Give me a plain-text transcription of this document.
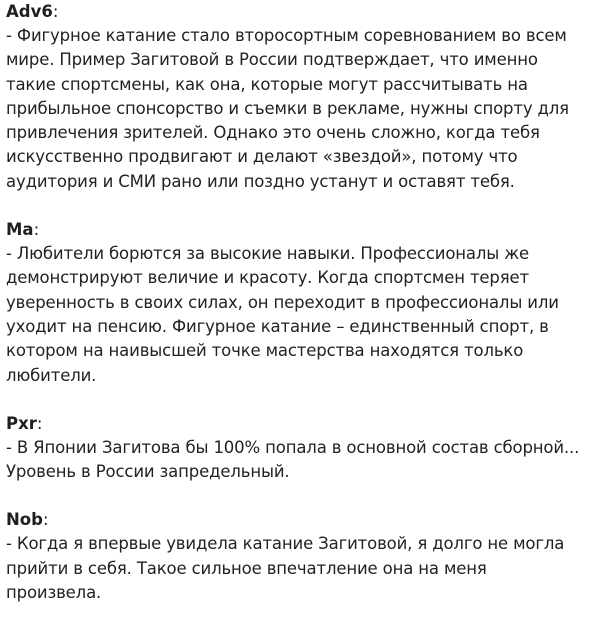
Adv6:
- Фигурное катание стало второсортным соревнованием во всем
мире. Пример Загитовой в России подтверждает, что именно
такие спортсмены, как она, которые могут рассчитывать на
прибыльное спонсорство и съемки в рекламе, нужны спорту для
привлечения зрителей. Однако это очень сложно, когда тебя
искусственно продвигают и делают «звездой», потому что
аудитория и СМИ рано или поздно устанут и оставят тебя.
Ma:
- Любители борются за высокие навыки. Профессионалы же
демонстрируют величие и красоту. Когда спортсмен теряет
уверенность в своих силах, он переходит в профессионалы или
уходит на пенсию. Фигурное катание – единственный спорт, в
котором на наивысшей точке мастерства находятся только
любители.
Pxr:
- В Японии Загитова бы 100% попала в основной состав сборной...
Уровень в России запредельный.
Nob:
- Когда я впервые увидела катание Загитовой, я долго не могла
прийти в себя. Такое сильное впечатление она на меня
произвела.
